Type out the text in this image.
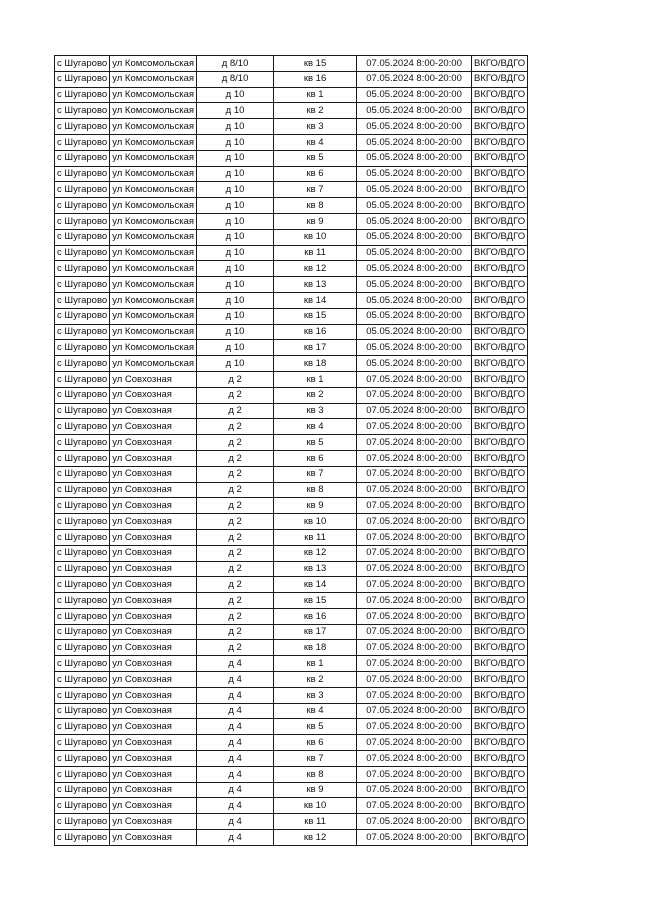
с Шугарово	ул Комсомольская	д 8/10	кв 15	07.05.2024 8:00-20:00	ВКГО/ВДГО
с Шугарово	ул Комсомольская	д 8/10	кв 16	07.05.2024 8:00-20:00	ВКГО/ВДГО
с Шугарово	ул Комсомольская	д 10	кв 1	05.05.2024 8:00-20:00	ВКГО/ВДГО
с Шугарово	ул Комсомольская	д 10	кв 2	05.05.2024 8:00-20:00	ВКГО/ВДГО
с Шугарово	ул Комсомольская	д 10	кв 3	05.05.2024 8:00-20:00	ВКГО/ВДГО
с Шугарово	ул Комсомольская	д 10	кв 4	05.05.2024 8:00-20:00	ВКГО/ВДГО
с Шугарово	ул Комсомольская	д 10	кв 5	05.05.2024 8:00-20:00	ВКГО/ВДГО
с Шугарово	ул Комсомольская	д 10	кв 6	05.05.2024 8:00-20:00	ВКГО/ВДГО
с Шугарово	ул Комсомольская	д 10	кв 7	05.05.2024 8:00-20:00	ВКГО/ВДГО
с Шугарово	ул Комсомольская	д 10	кв 8	05.05.2024 8:00-20:00	ВКГО/ВДГО
с Шугарово	ул Комсомольская	д 10	кв 9	05.05.2024 8:00-20:00	ВКГО/ВДГО
с Шугарово	ул Комсомольская	д 10	кв 10	05.05.2024 8:00-20:00	ВКГО/ВДГО
с Шугарово	ул Комсомольская	д 10	кв 11	05.05.2024 8:00-20:00	ВКГО/ВДГО
с Шугарово	ул Комсомольская	д 10	кв 12	05.05.2024 8:00-20:00	ВКГО/ВДГО
с Шугарово	ул Комсомольская	д 10	кв 13	05.05.2024 8:00-20:00	ВКГО/ВДГО
с Шугарово	ул Комсомольская	д 10	кв 14	05.05.2024 8:00-20:00	ВКГО/ВДГО
с Шугарово	ул Комсомольская	д 10	кв 15	05.05.2024 8:00-20:00	ВКГО/ВДГО
с Шугарово	ул Комсомольская	д 10	кв 16	05.05.2024 8:00-20:00	ВКГО/ВДГО
с Шугарово	ул Комсомольская	д 10	кв 17	05.05.2024 8:00-20:00	ВКГО/ВДГО
с Шугарово	ул Комсомольская	д 10	кв 18	05.05.2024 8:00-20:00	ВКГО/ВДГО
с Шугарово	ул Совхозная	д 2	кв 1	07.05.2024 8:00-20:00	ВКГО/ВДГО
с Шугарово	ул Совхозная	д 2	кв 2	07.05.2024 8:00-20:00	ВКГО/ВДГО
с Шугарово	ул Совхозная	д 2	кв 3	07.05.2024 8:00-20:00	ВКГО/ВДГО
с Шугарово	ул Совхозная	д 2	кв 4	07.05.2024 8:00-20:00	ВКГО/ВДГО
с Шугарово	ул Совхозная	д 2	кв 5	07.05.2024 8:00-20:00	ВКГО/ВДГО
с Шугарово	ул Совхозная	д 2	кв 6	07.05.2024 8:00-20:00	ВКГО/ВДГО
с Шугарово	ул Совхозная	д 2	кв 7	07.05.2024 8:00-20:00	ВКГО/ВДГО
с Шугарово	ул Совхозная	д 2	кв 8	07.05.2024 8:00-20:00	ВКГО/ВДГО
с Шугарово	ул Совхозная	д 2	кв 9	07.05.2024 8:00-20:00	ВКГО/ВДГО
с Шугарово	ул Совхозная	д 2	кв 10	07.05.2024 8:00-20:00	ВКГО/ВДГО
с Шугарово	ул Совхозная	д 2	кв 11	07.05.2024 8:00-20:00	ВКГО/ВДГО
с Шугарово	ул Совхозная	д 2	кв 12	07.05.2024 8:00-20:00	ВКГО/ВДГО
с Шугарово	ул Совхозная	д 2	кв 13	07.05.2024 8:00-20:00	ВКГО/ВДГО
с Шугарово	ул Совхозная	д 2	кв 14	07.05.2024 8:00-20:00	ВКГО/ВДГО
с Шугарово	ул Совхозная	д 2	кв 15	07.05.2024 8:00-20:00	ВКГО/ВДГО
с Шугарово	ул Совхозная	д 2	кв 16	07.05.2024 8:00-20:00	ВКГО/ВДГО
с Шугарово	ул Совхозная	д 2	кв 17	07.05.2024 8:00-20:00	ВКГО/ВДГО
с Шугарово	ул Совхозная	д 2	кв 18	07.05.2024 8:00-20:00	ВКГО/ВДГО
с Шугарово	ул Совхозная	д 4	кв 1	07.05.2024 8:00-20:00	ВКГО/ВДГО
с Шугарово	ул Совхозная	д 4	кв 2	07.05.2024 8:00-20:00	ВКГО/ВДГО
с Шугарово	ул Совхозная	д 4	кв 3	07.05.2024 8:00-20:00	ВКГО/ВДГО
с Шугарово	ул Совхозная	д 4	кв 4	07.05.2024 8:00-20:00	ВКГО/ВДГО
с Шугарово	ул Совхозная	д 4	кв 5	07.05.2024 8:00-20:00	ВКГО/ВДГО
с Шугарово	ул Совхозная	д 4	кв 6	07.05.2024 8:00-20:00	ВКГО/ВДГО
с Шугарово	ул Совхозная	д 4	кв 7	07.05.2024 8:00-20:00	ВКГО/ВДГО
с Шугарово	ул Совхозная	д 4	кв 8	07.05.2024 8:00-20:00	ВКГО/ВДГО
с Шугарово	ул Совхозная	д 4	кв 9	07.05.2024 8:00-20:00	ВКГО/ВДГО
с Шугарово	ул Совхозная	д 4	кв 10	07.05.2024 8:00-20:00	ВКГО/ВДГО
с Шугарово	ул Совхозная	д 4	кв 11	07.05.2024 8:00-20:00	ВКГО/ВДГО
с Шугарово	ул Совхозная	д 4	кв 12	07.05.2024 8:00-20:00	ВКГО/ВДГО
